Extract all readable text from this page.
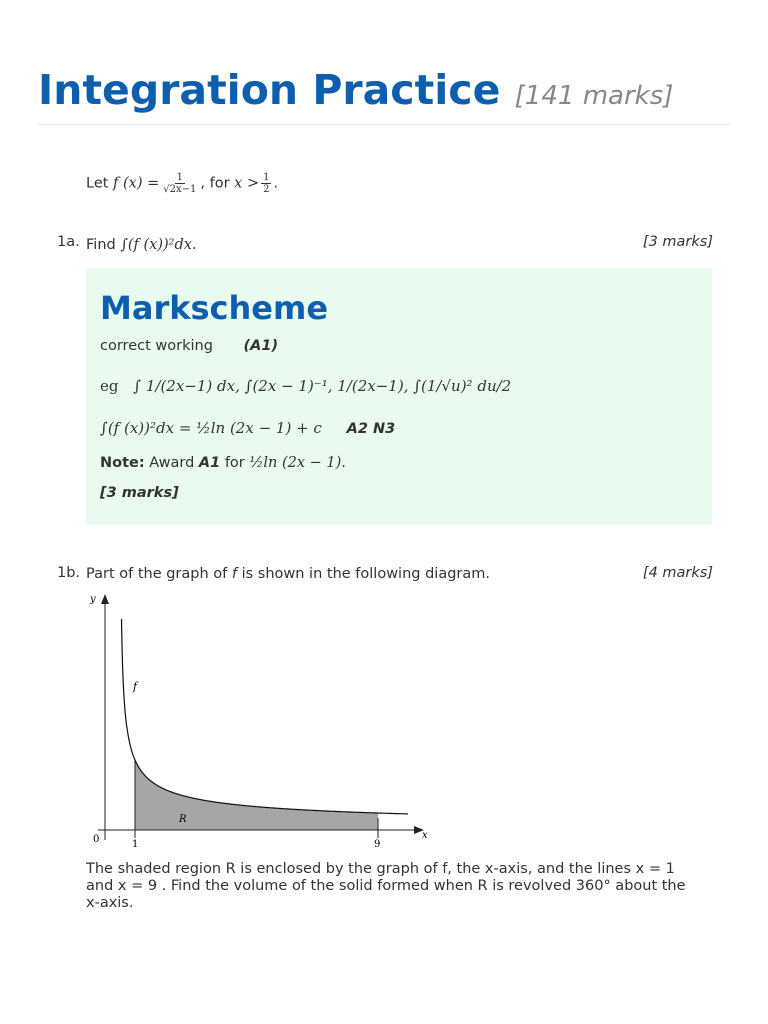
Integration Practice [141 marks]
Let f $(x) = \frac{1}{√2x-1}$ , for $x > \frac{1}{2}$ .
1a. Find ∫(f (x))²dx.	[3 marks]
Markscheme
correct working (A1)
eg ∫ 1/(2x−1) dx, ∫(2x − 1)⁻¹, 1/(2x−1), ∫(1/√u)² du/2
∫(f (x))²dx = ½ln (2x − 1) + c A2 N3
Note: Award A1 for ½ln (2x − 1).
[3 marks]
1b. Part of the graph of f is shown in the following diagram.	[4 marks]
y
x
0	1	9
f
R
The shaded region R is enclosed by the graph of f, the x-axis, and the lines x = 1
and x = 9 . Find the volume of the solid formed when R is revolved 360° about the
x-axis.
